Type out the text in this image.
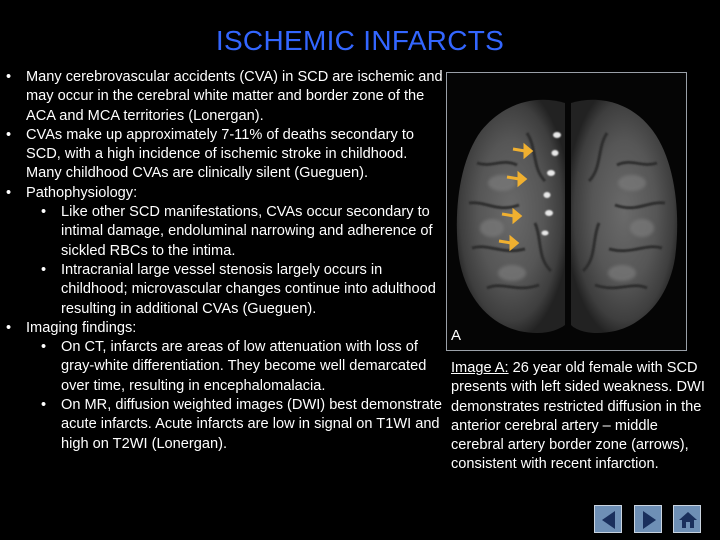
ISCHEMIC INFARCTS
• Many cerebrovascular accidents (CVA) in SCD are ischemic and may occur in the cerebral white matter and border zone of the ACA and MCA territories (Lonergan).
• CVAs make up approximately 7-11% of deaths secondary to SCD, with a high incidence of ischemic stroke in childhood. Many childhood CVAs are clinically silent (Gueguen).
• Pathophysiology:
• Like other SCD manifestations, CVAs occur secondary to intimal damage, endoluminal narrowing and adherence of sickled RBCs to the intima.
• Intracranial large vessel stenosis largely occurs in childhood; microvascular changes continue into adulthood resulting in additional CVAs (Gueguen).
• Imaging findings:
• On CT, infarcts are areas of low attenuation with loss of gray-white differentiation. They become well demarcated over time, resulting in encephalomalacia.
• On MR, diffusion weighted images (DWI) best demonstrate acute infarcts. Acute infarcts are low in signal on T1WI and high on T2WI (Lonergan).
A
Image A: 26 year old female with SCD presents with left sided weakness. DWI demonstrates restricted diffusion in the anterior cerebral artery – middle cerebral artery border zone (arrows), consistent with recent infarction.
